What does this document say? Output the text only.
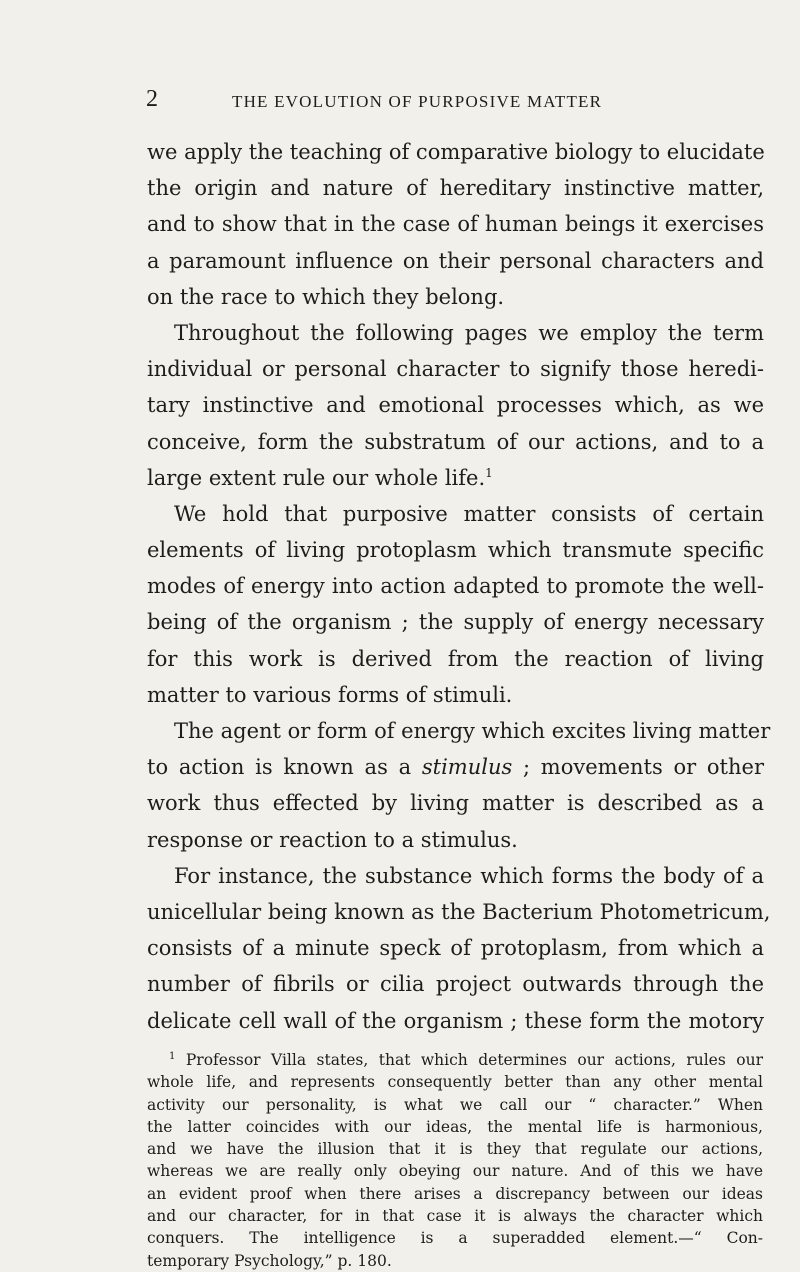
2	THE EVOLUTION OF PURPOSIVE MATTER
we apply the teaching of comparative biology to elucidate
the origin and nature of hereditary instinctive matter,
and to show that in the case of human beings it exercises
a paramount influence on their personal characters and
on the race to which they belong.
Throughout the following pages we employ the term
individual or personal character to signify those heredi-
tary instinctive and emotional processes which, as we
conceive, form the substratum of our actions, and to a
large extent rule our whole life.$^1$
We hold that purposive matter consists of certain
elements of living protoplasm which transmute specific
modes of energy into action adapted to promote the well-
being of the organism ; the supply of energy necessary
for this work is derived from the reaction of living
matter to various forms of stimuli.
The agent or form of energy which excites living matter
to action is known as a stimulus ; movements or other
work thus effected by living matter is described as a
response or reaction to a stimulus.
For instance, the substance which forms the body of a
unicellular being known as the Bacterium Photometricum,
consists of a minute speck of protoplasm, from which a
number of fibrils or cilia project outwards through the
delicate cell wall of the organism ; these form the motory
$^1$ Professor Villa states, that which determines our actions, rules our
whole life, and represents consequently better than any other mental
activity our personality, is what we call our “ character.” When
the latter coincides with our ideas, the mental life is harmonious,
and we have the illusion that it is they that regulate our actions,
whereas we are really only obeying our nature. And of this we have
an evident proof when there arises a discrepancy between our ideas
and our character, for in that case it is always the character which
conquers. The intelligence is a superadded element.—“ Con-
temporary Psychology,” p. 180.
